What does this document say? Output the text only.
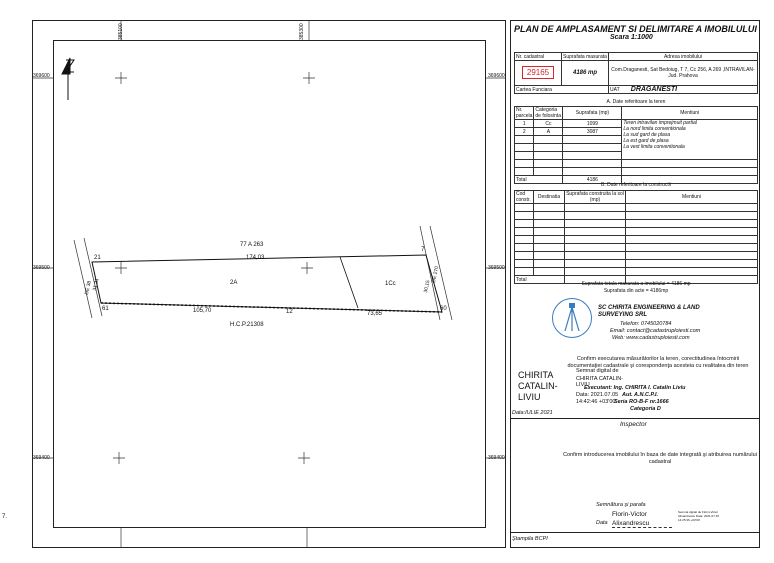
385100	385300
369600
369400
369600
369400
77 A 263
174,03
21
7
61	12	60
31,31
DE 38	30,15
DE 270
2A	1Cc
105,70	73,65
H.C.P.21308
7.
PLAN DE AMPLASAMENT SI DELIMITARE A IMOBILULUI
Scara 1:1000
Nr. cadastral	Suprafata masurata	Adresa imobilului
29165	4186 mp	Com.Draganesti, Sat Bedoiug, T 7, Cc 256, A 269 ,INTRAVILAN- Jud. Prahova
Cartea Funciara		UAT DRAGANESTI
A. Date referitoare la teren
Nr. parcela	Categoria de folosinta	Suprafata (mp)	Mentiuni
1	Cc	1099	Teren intravilan imprejmuit partial
La nord limita conventionala
La sud gard de plasa
La est gard de plasa
La vest limita conventionala

2	A	3087	

Total		4186	
B. Date referitoare la constructii
Cod constr.	Destinatia	Suprafata construita la sol (mp)	Mentiuni

Total			
Suprafata totala masurata a imobilului = 4186 mp
Suprafata din acte = 4186mp
SC CHIRITA ENGINEERING & LAND SURVEYING SRL
Telefon: 0745020784
Email: contact@cadastruploiesti.com
Web: www.cadastruploiesti.com
Confirm executarea măsurătorilor la teren, corectitudinea întocmirii documentaţiei cadastrale şi corespondenţa acesteia cu realitatea din teren
CHIRITA CATALIN-LIVIU
Semnat digital de
CHIRITA CATALIN-LIVIU
Data: 2021.07.05
14:42:46 +03'00'
Executant: Ing. CHIRITA I. Catalin Liviu
Aut. A.N.C.P.I.
Seria RO-B-F nr.1666
Categoria D
Data:IULIE 2021
Inspector
Confirm introducerea imobilului în baza de date integrată şi atribuirea numărului cadastral
Semnătura şi parafa
Florin-Victor Alixandrescu
Semnat digital de Florin-Victor Alixandrescu Data: 2021.07.15 14:25:36 +03'00'
Data
Ştampila BCPI
